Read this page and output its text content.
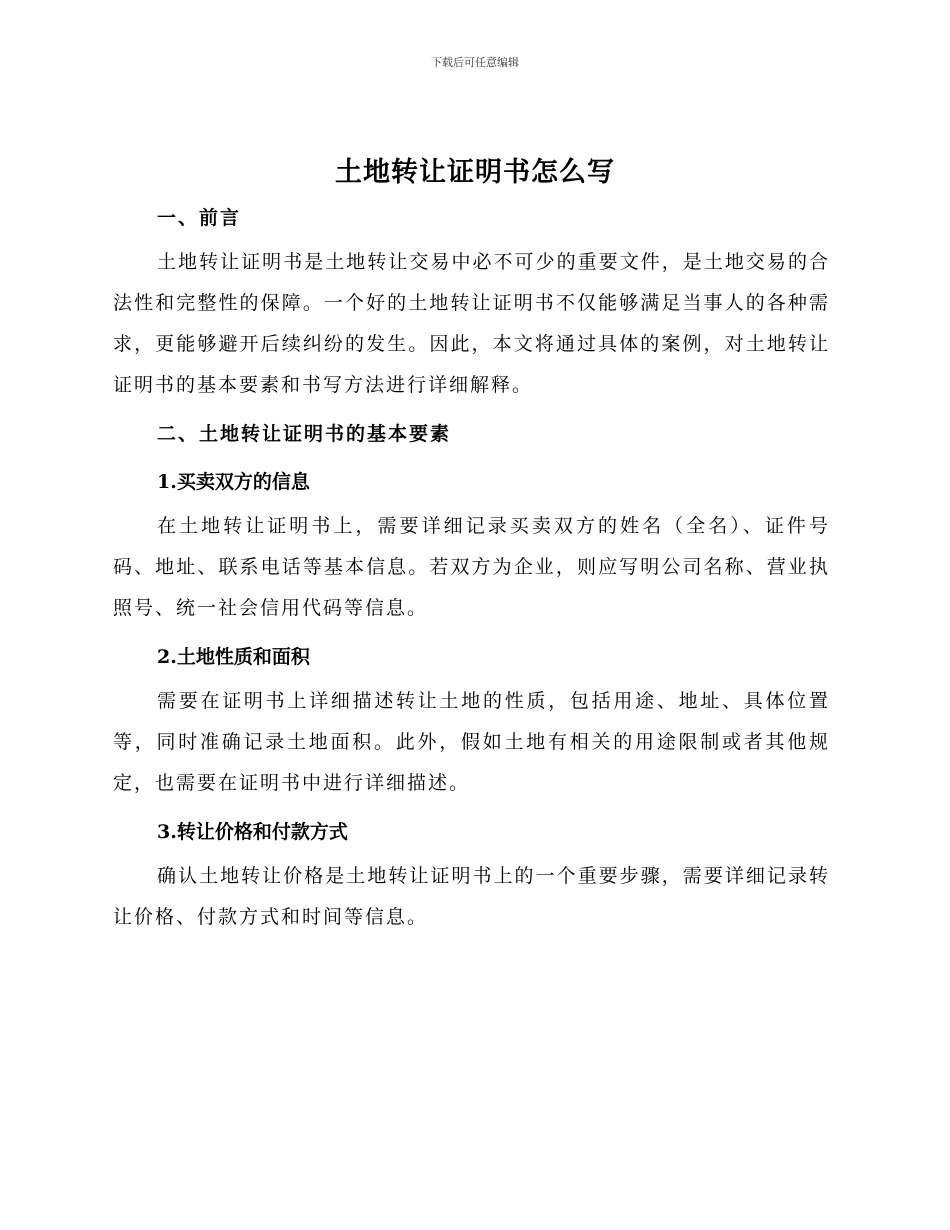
下载后可任意编辑
土地转让证明书怎么写
一、前言
土地转让证明书是土地转让交易中必不可少的重要文件，是土地交易的合法性和完整性的保障。一个好的土地转让证明书不仅能够满足当事人的各种需求，更能够避开后续纠纷的发生。因此，本文将通过具体的案例，对土地转让证明书的基本要素和书写方法进行详细解释。
二、土地转让证明书的基本要素
1.买卖双方的信息
在土地转让证明书上，需要详细记录买卖双方的姓名（全名）、证件号码、地址、联系电话等基本信息。若双方为企业，则应写明公司名称、营业执照号、统一社会信用代码等信息。
2.土地性质和面积
需要在证明书上详细描述转让土地的性质，包括用途、地址、具体位置等，同时准确记录土地面积。此外，假如土地有相关的用途限制或者其他规定，也需要在证明书中进行详细描述。
3.转让价格和付款方式
确认土地转让价格是土地转让证明书上的一个重要步骤，需要详细记录转让价格、付款方式和时间等信息。
